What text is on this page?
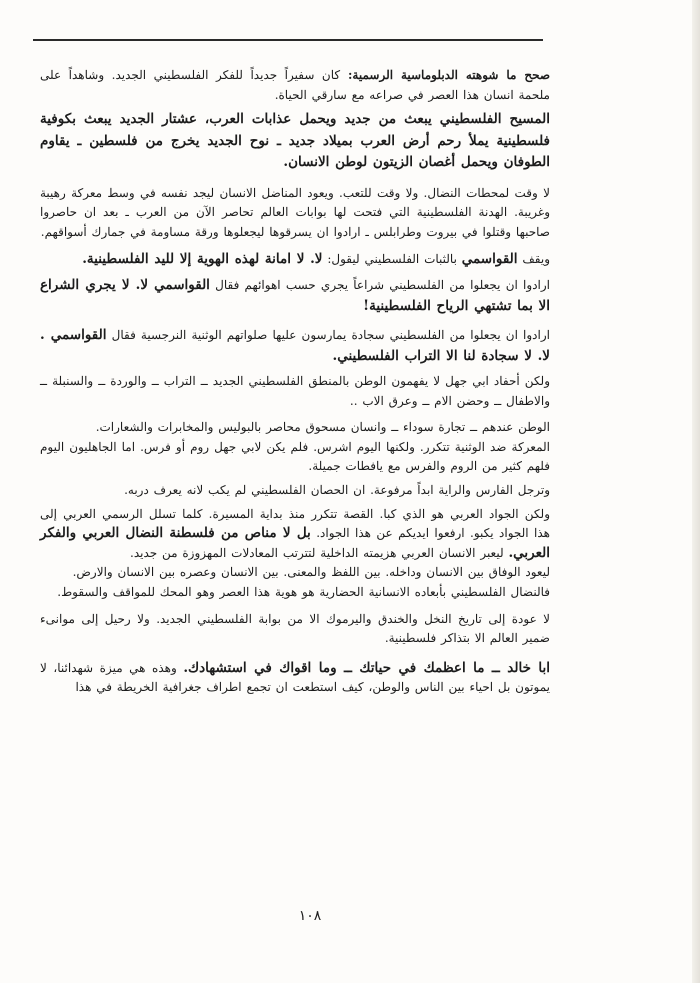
صحح ما شوهته الدبلوماسية الرسمية: كان سفيراً جديداً للفكر الفلسطيني الجديد. وشاهداً على ملحمة انسان هذا العصر في صراعه مع سارقي الحياة.

المسيح الفلسطيني يبعث من جديد ويحمل عذابات العرب، عشتار الجديد يبعث بكوفية فلسطينية يملأ رحم أرض العرب بميلاد جديد ـ نوح الجديد يخرج من فلسطين ـ يقاوم الطوفان ويحمل أغصان الزيتون لوطن الانسان.

لا وقت لمحطات النضال. ولا وقت للتعب. ويعود المناضل الانسان ليجد نفسه في وسط معركة رهيبة وغريبة. الهدنة الفلسطينية التي فتحت لها بوابات العالم تحاصر الآن من العرب ـ بعد ان حاصروا صاحبها وقتلوا في بيروت وطرابلس ـ ارادوا ان يسرقوها ليجعلوها ورقة مساومة في جمارك أسواقهم.

ويقف القواسمي بالثبات الفلسطيني ليقول: لا. لا امانة لهذه الهوية إلا لليد الفلسطينية.

ارادوا ان يجعلوا من الفلسطيني شراعاً يجري حسب اهوائهم فقال القواسمي لا. لا يجري الشراع الا بما تشتهي الرياح الفلسطينية!

ارادوا ان يجعلوا من الفلسطيني سجادة يمارسون عليها صلواتهم الوثنية النرجسية فقال القواسمي . لا. لا سجادة لنا الا التراب الفلسطيني.

ولكن أحفاد ابي جهل لا يفهمون الوطن بالمنطق الفلسطيني الجديد ــ التراب ــ والوردة ــ والسنبلة ــ والاطفال ــ وحضن الام ــ وعرق الاب ..

الوطن عندهم ــ تجارة سوداء ــ وانسان مسحوق محاصر بالبوليس والمخابرات والشعارات.

المعركة ضد الوثنية تتكرر. ولكنها اليوم اشرس. فلم يكن لابي جهل روم أو فرس. اما الجاهليون اليوم فلهم كثير من الروم والفرس مع يافطات جميلة.

وترجل الفارس والراية ابداً مرفوعة. ان الحصان الفلسطيني لم يكب لانه يعرف دربه.

ولكن الجواد العربي هو الذي كبا. القصة تتكرر منذ بداية المسيرة. كلما تسلل الرسمي العربي إلى هذا الجواد يكبو. ارفعوا ايديكم عن هذا الجواد. بل لا مناص من فلسطنة النضال العربي والفكر العربي. ليعبر الانسان العربي هزيمته الداخلية لتترتب المعادلات المهزوزة من جديد.

ليعود الوفاق بين الانسان وداخله. بين اللفظ والمعنى. بين الانسان وعصره بين الانسان والارض.

فالنضال الفلسطيني بأبعاده الانسانية الحضارية هو هوية هذا العصر وهو المحك للمواقف والسقوط.

لا عودة إلى تاريخ النخل والخندق واليرموك الا من بوابة الفلسطيني الجديد. ولا رحيل إلى موانىء ضمير العالم الا بتذاكر فلسطينية.

ابا خالد ــ ما اعظمك في حياتك ــ وما اقواك في استشهادك. وهذه هي ميزة شهدائنا، لا يموتون بل احياء بين الناس والوطن، كيف استطعت ان تجمع اطراف جغرافية الخريطة في هذا

١٠٨
